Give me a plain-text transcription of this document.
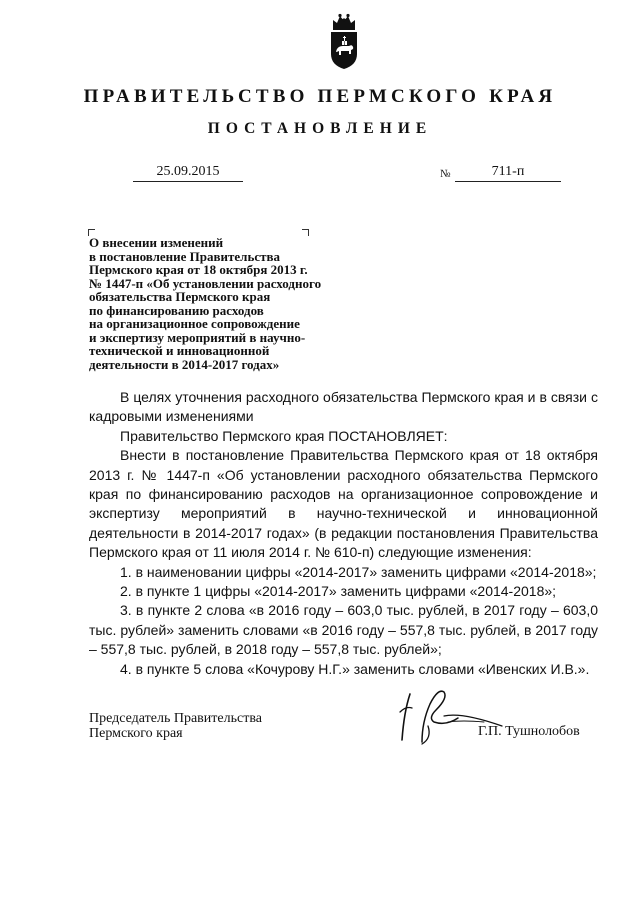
ПРАВИТЕЛЬСТВО ПЕРМСКОГО КРАЯ
ПОСТАНОВЛЕНИЕ
25.09.2015	№	711-п
О внесении изменений
в постановление Правительства
Пермского края от 18 октября 2013 г.
№ 1447-п «Об установлении расходного
обязательства Пермского края
по финансированию расходов
на организационное сопровождение
и экспертизу мероприятий в научно-
технической и инновационной
деятельности в 2014-2017 годах»
В целях уточнения расходного обязательства Пермского края и в связи с кадровыми изменениями
Правительство Пермского края ПОСТАНОВЛЯЕТ:
Внести в постановление Правительства Пермского края от 18 октября 2013 г. № 1447-п «Об установлении расходного обязательства Пермского края по финансированию расходов на организационное сопровождение и экспертизу мероприятий в научно-технической и инновационной деятельности в 2014-2017 годах» (в редакции постановления Правительства Пермского края от 11 июля 2014 г. № 610-п) следующие изменения:
1. в наименовании цифры «2014-2017» заменить цифрами «2014-2018»;
2. в пункте 1 цифры «2014-2017» заменить цифрами «2014-2018»;
3. в пункте 2 слова «в 2016 году – 603,0 тыс. рублей, в 2017 году – 603,0 тыс. рублей» заменить словами «в 2016 году – 557,8 тыс. рублей, в 2017 году – 557,8 тыс. рублей, в 2018 году – 557,8 тыс. рублей»;
4. в пункте 5 слова «Кочурову Н.Г.» заменить словами «Ивенских И.В.».
Председатель Правительства
Пермского края	Г.П. Тушнолобов
